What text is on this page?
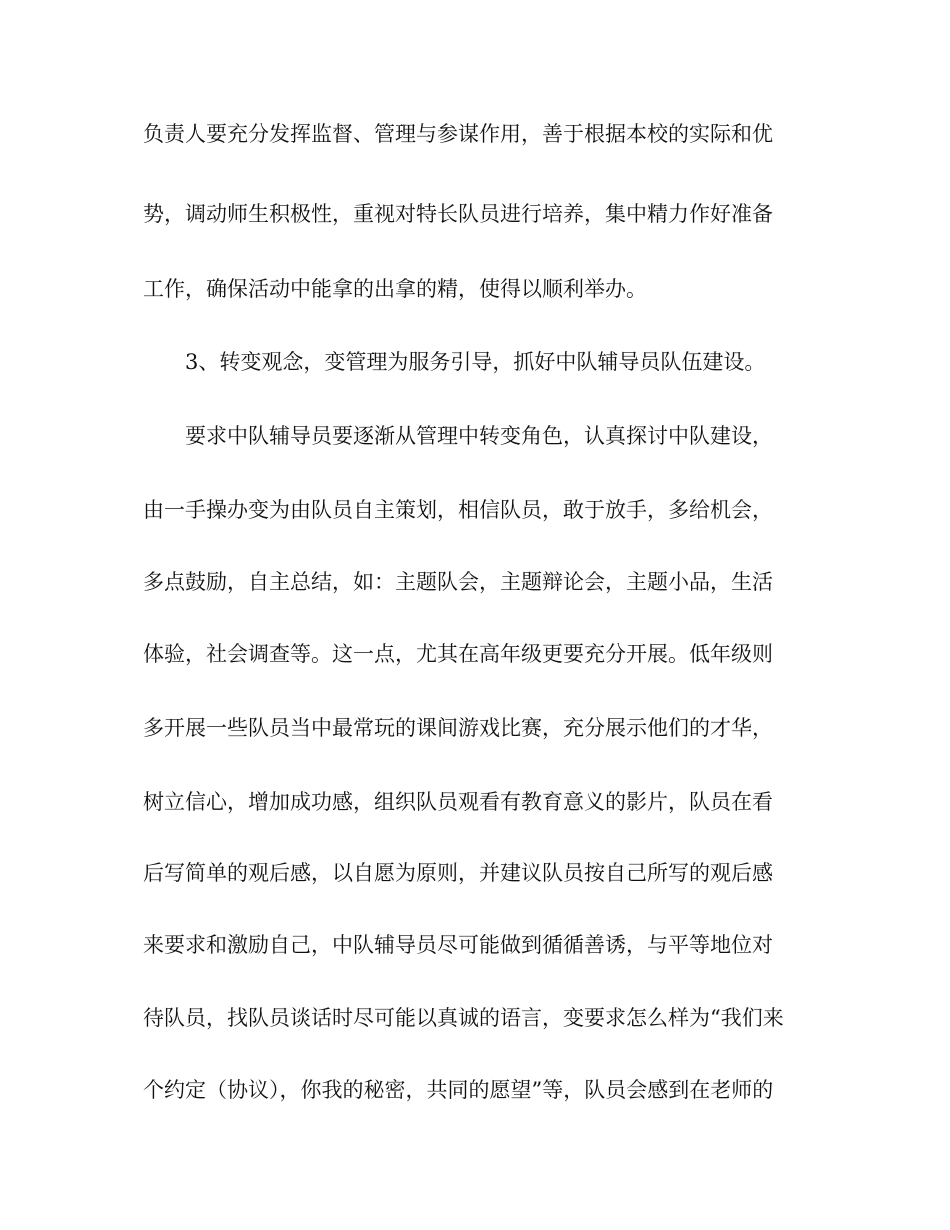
负责人要充分发挥监督、管理与参谋作用，善于根据本校的实际和优
势，调动师生积极性，重视对特长队员进行培养，集中精力作好准备
工作，确保活动中能拿的出拿的精，使得以顺利举办。
3、转变观念，变管理为服务引导，抓好中队辅导员队伍建设。
要求中队辅导员要逐渐从管理中转变角色，认真探讨中队建设，
由一手操办变为由队员自主策划，相信队员，敢于放手，多给机会，
多点鼓励，自主总结，如：主题队会，主题辩论会，主题小品，生活
体验，社会调查等。这一点，尤其在高年级更要充分开展。低年级则
多开展一些队员当中最常玩的课间游戏比赛，充分展示他们的才华，
树立信心，增加成功感，组织队员观看有教育意义的影片，队员在看
后写简单的观后感，以自愿为原则，并建议队员按自己所写的观后感
来要求和激励自己，中队辅导员尽可能做到循循善诱，与平等地位对
待队员，找队员谈话时尽可能以真诚的语言，变要求怎么样为“我们来
个约定（协议），你我的秘密，共同的愿望”等，队员会感到在老师的
